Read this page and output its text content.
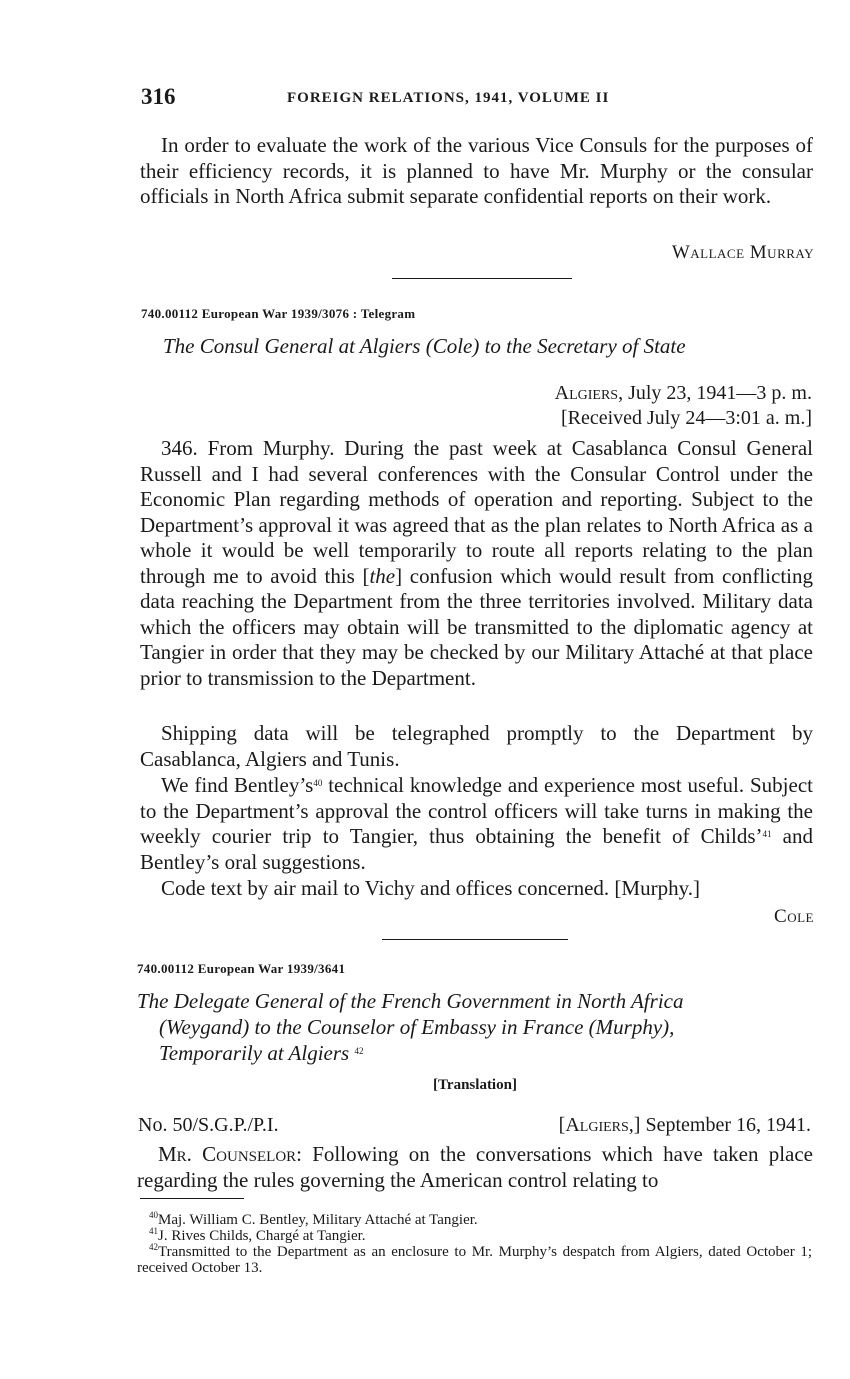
316	FOREIGN RELATIONS, 1941, VOLUME II

In order to evaluate the work of the various Vice Consuls for the purposes of their efficiency records, it is planned to have Mr. Murphy or the consular officials in North Africa submit separate confidential reports on their work.

Wallace Murray
740.00112 European War 1939/3076 : Telegram

The Consul General at Algiers (Cole) to the Secretary of State

Algiers, July 23, 1941—3 p. m.
[Received July 24—3:01 a. m.]

346. From Murphy. During the past week at Casablanca Consul General Russell and I had several conferences with the Consular Control under the Economic Plan regarding methods of operation and reporting. Subject to the Department’s approval it was agreed that as the plan relates to North Africa as a whole it would be well temporarily to route all reports relating to the plan through me to avoid this [the] confusion which would result from conflicting data reaching the Department from the three territories involved. Military data which the officers may obtain will be transmitted to the diplomatic agency at Tangier in order that they may be checked by our Military Attaché at that place prior to transmission to the Department.

Shipping data will be telegraphed promptly to the Department by Casablanca, Algiers and Tunis.

We find $Bentley’s^{40}$ technical knowledge and experience most useful. Subject to the Department’s approval the control officers will take turns in making the weekly courier trip to Tangier, thus obtaining the benefit of Childs’$^{41}$ and Bentley’s oral suggestions.

Code text by air mail to Vichy and offices concerned. [Murphy.]

Cole
740.00112 European War 1939/3641
The Delegate General of the French Government in North Africa
(Weygand) to the Counselor of Embassy in France (Murphy),
Temporarily at Algiers $^{42}$
[Translation]
No. 50/S.G.P./P.I.	[Algiers,] September 16, 1941.

Mr. Counselor: Following on the conversations which have taken place regarding the rules governing the American control relating to

$^{40}$Maj. William C. Bentley, Military Attaché at Tangier.

$^{41}$J. Rives Childs, Chargé at Tangier.

$^{42}$Transmitted to the Department as an enclosure to Mr. Murphy’s despatch from Algiers, dated October 1; received October 13.
